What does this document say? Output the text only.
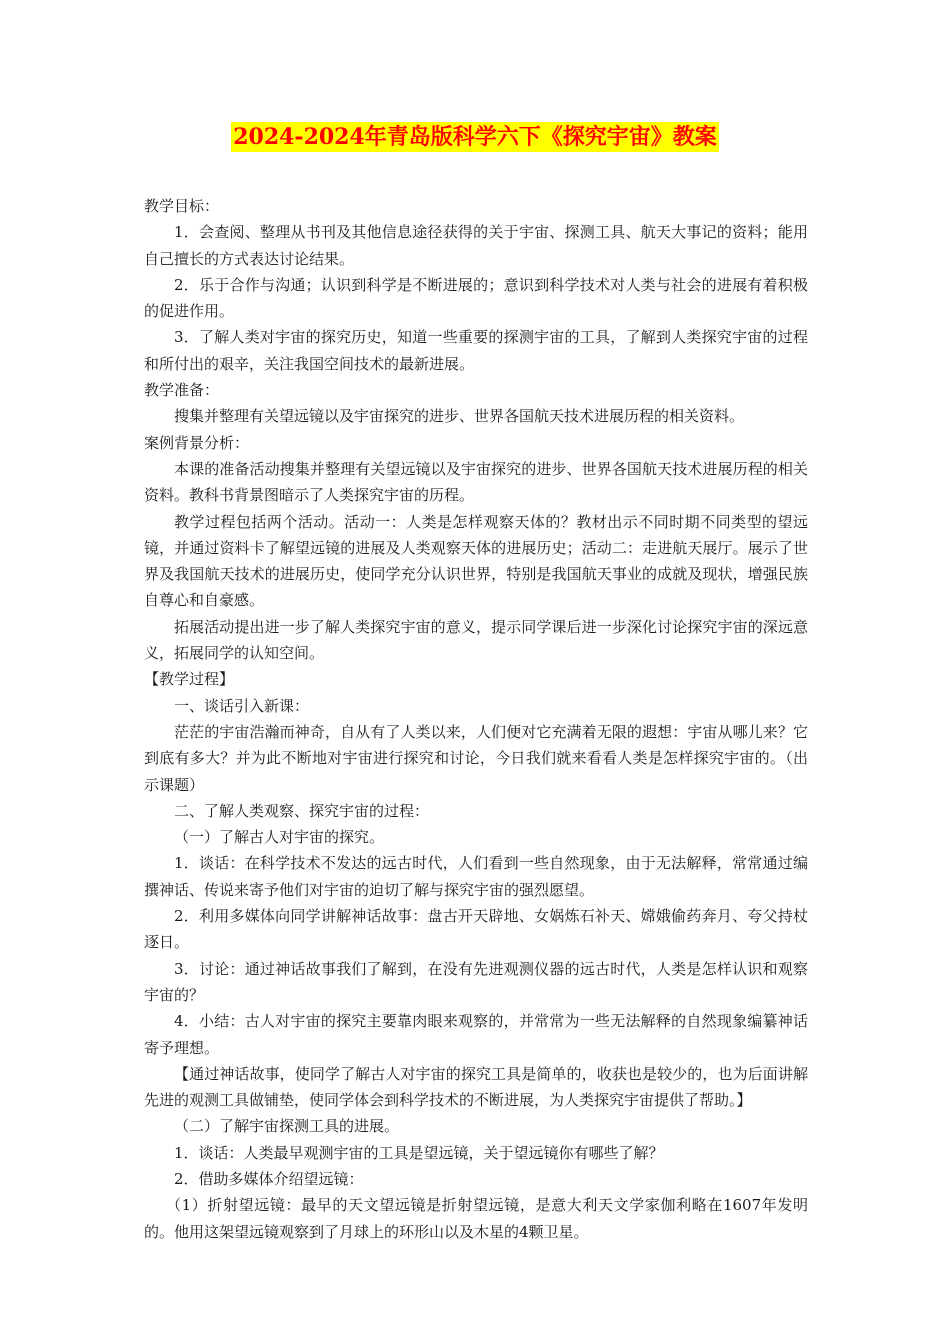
2024-2024年青岛版科学六下《探究宇宙》教案

教学目标：

1．会查阅、整理从书刊及其他信息途径获得的关于宇宙、探测工具、航天大事记的资料；能用自己擅长的方式表达讨论结果。

2．乐于合作与沟通；认识到科学是不断进展的；意识到科学技术对人类与社会的进展有着积极的促进作用。

3．了解人类对宇宙的探究历史，知道一些重要的探测宇宙的工具，了解到人类探究宇宙的过程和所付出的艰辛，关注我国空间技术的最新进展。

教学准备：

搜集并整理有关望远镜以及宇宙探究的进步、世界各国航天技术进展历程的相关资料。

案例背景分析：

本课的准备活动搜集并整理有关望远镜以及宇宙探究的进步、世界各国航天技术进展历程的相关资料。教科书背景图暗示了人类探究宇宙的历程。

教学过程包括两个活动。活动一：人类是怎样观察天体的？教材出示不同时期不同类型的望远镜，并通过资料卡了解望远镜的进展及人类观察天体的进展历史；活动二：走进航天展厅。展示了世界及我国航天技术的进展历史，使同学充分认识世界，特别是我国航天事业的成就及现状，增强民族自尊心和自豪感。

拓展活动提出进一步了解人类探究宇宙的意义，提示同学课后进一步深化讨论探究宇宙的深远意义，拓展同学的认知空间。

【教学过程】

一、谈话引入新课：

茫茫的宇宙浩瀚而神奇，自从有了人类以来，人们便对它充满着无限的遐想：宇宙从哪儿来？它到底有多大？并为此不断地对宇宙进行探究和讨论，今日我们就来看看人类是怎样探究宇宙的。（出示课题）

二、了解人类观察、探究宇宙的过程：

（一）了解古人对宇宙的探究。

1．谈话：在科学技术不发达的远古时代，人们看到一些自然现象，由于无法解释，常常通过编撰神话、传说来寄予他们对宇宙的迫切了解与探究宇宙的强烈愿望。

2．利用多媒体向同学讲解神话故事：盘古开天辟地、女娲炼石补天、嫦娥偷药奔月、夸父持杖逐日。

3．讨论：通过神话故事我们了解到，在没有先进观测仪器的远古时代，人类是怎样认识和观察宇宙的？

4．小结：古人对宇宙的探究主要靠肉眼来观察的，并常常为一些无法解释的自然现象编纂神话寄予理想。

【通过神话故事，使同学了解古人对宇宙的探究工具是简单的，收获也是较少的，也为后面讲解先进的观测工具做铺垫，使同学体会到科学技术的不断进展，为人类探究宇宙提供了帮助。】

（二）了解宇宙探测工具的进展。

1．谈话：人类最早观测宇宙的工具是望远镜，关于望远镜你有哪些了解？

2．借助多媒体介绍望远镜：

（1）折射望远镜：最早的天文望远镜是折射望远镜，是意大利天文学家伽利略在1607年发明的。他用这架望远镜观察到了月球上的环形山以及木星的4颗卫星。
